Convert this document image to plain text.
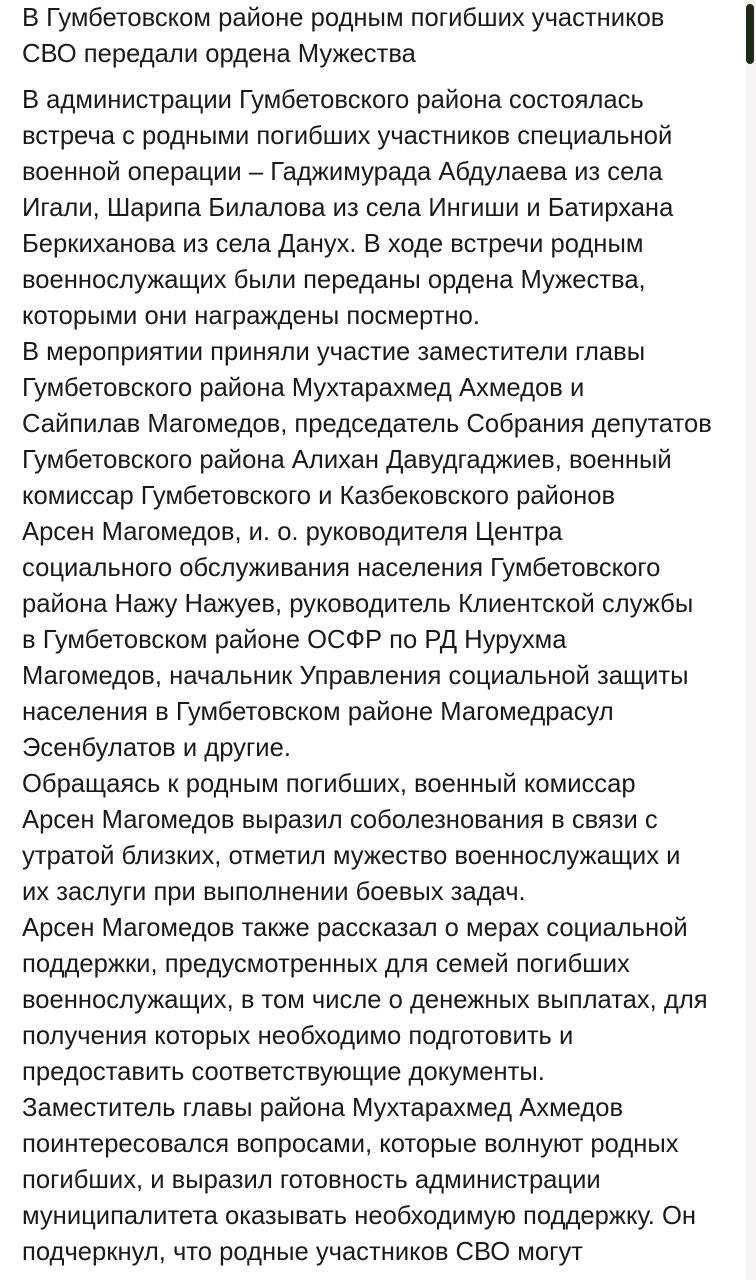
В Гумбетовском районе родным погибших участников
СВО передали ордена Мужества
В администрации Гумбетовского района состоялась
встреча с родными погибших участников специальной
военной операции – Гаджимурада Абдулаева из села
Игали, Шарипа Билалова из села Ингиши и Батирхана
Беркиханова из села Данух. В ходе встречи родным
военнослужащих были переданы ордена Мужества,
которыми они награждены посмертно.
В мероприятии приняли участие заместители главы
Гумбетовского района Мухтарахмед Ахмедов и
Сайпилав Магомедов, председатель Собрания депутатов
Гумбетовского района Алихан Давудгаджиев, военный
комиссар Гумбетовского и Казбековского районов
Арсен Магомедов, и. о. руководителя Центра
социального обслуживания населения Гумбетовского
района Нажу Нажуев, руководитель Клиентской службы
в Гумбетовском районе ОСФР по РД Нурухма
Магомедов, начальник Управления социальной защиты
населения в Гумбетовском районе Магомедрасул
Эсенбулатов и другие.
Обращаясь к родным погибших, военный комиссар
Арсен Магомедов выразил соболезнования в связи с
утратой близких, отметил мужество военнослужащих и
их заслуги при выполнении боевых задач.
Арсен Магомедов также рассказал о мерах социальной
поддержки, предусмотренных для семей погибших
военнослужащих, в том числе о денежных выплатах, для
получения которых необходимо подготовить и
предоставить соответствующие документы.
Заместитель главы района Мухтарахмед Ахмедов
поинтересовался вопросами, которые волнуют родных
погибших, и выразил готовность администрации
муниципалитета оказывать необходимую поддержку. Он
подчеркнул, что родные участников СВО могут
